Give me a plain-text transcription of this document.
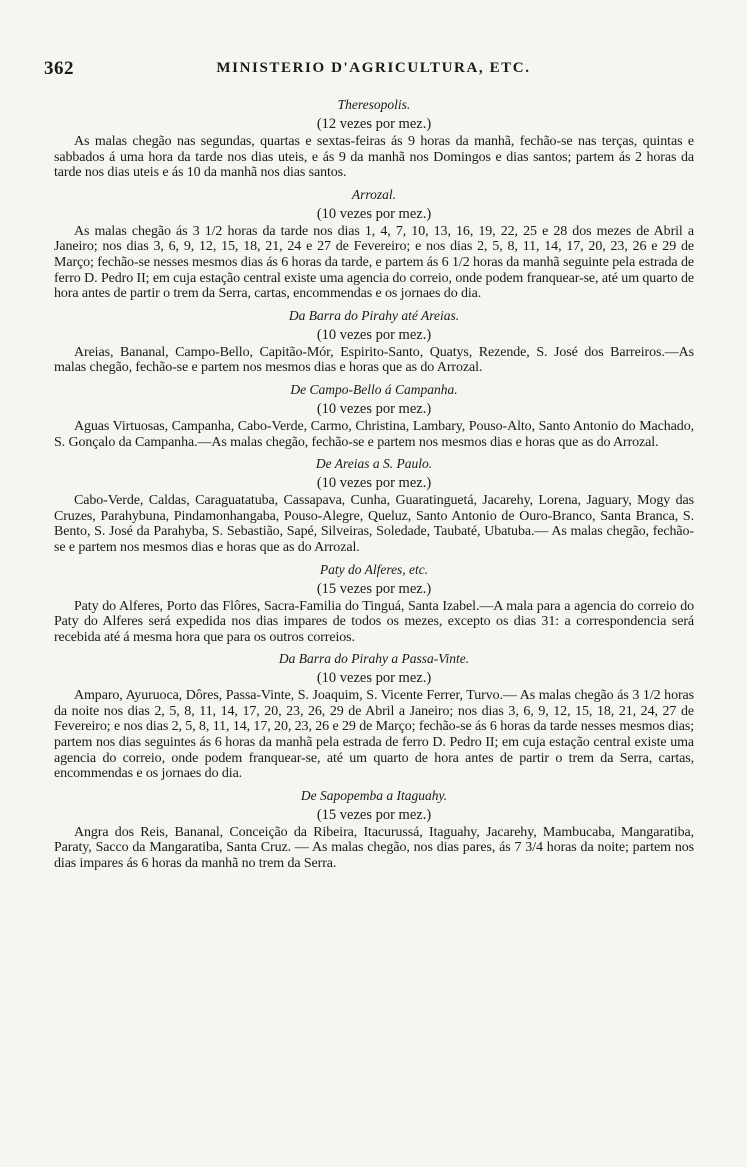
362	MINISTERIO D'AGRICULTURA, ETC.
Theresopolis.
(12 vezes por mez.)

As malas chegão nas segundas, quartas e sextas-feiras ás 9 horas da manhã, fechão-se nas terças, quintas e sabbados á uma hora da tarde nos dias uteis, e ás 9 da manhã nos Domingos e dias santos; partem ás 2 horas da tarde nos dias uteis e ás 10 da manhã nos dias santos.

Arrozal.
(10 vezes por mez.)

As malas chegão ás 3 1/2 horas da tarde nos dias 1, 4, 7, 10, 13, 16, 19, 22, 25 e 28 dos mezes de Abril a Janeiro; nos dias 3, 6, 9, 12, 15, 18, 21, 24 e 27 de Fevereiro; e nos dias 2, 5, 8, 11, 14, 17, 20, 23, 26 e 29 de Março; fechão-se nesses mesmos dias ás 6 horas da tarde, e partem ás 6 1/2 horas da manhã seguinte pela estrada de ferro D. Pedro II; em cuja estação central existe uma agencia do correio, onde podem franquear-se, até um quarto de hora antes de partir o trem da Serra, cartas, encommendas e os jornaes do dia.

Da Barra do Pirahy até Areias.
(10 vezes por mez.)

Areias, Bananal, Campo-Bello, Capitão-Mór, Espirito-Santo, Quatys, Rezende, S. José dos Barreiros.—As malas chegão, fechão-se e partem nos mesmos dias e horas que as do Arrozal.

De Campo-Bello á Campanha.
(10 vezes por mez.)

Aguas Virtuosas, Campanha, Cabo-Verde, Carmo, Christina, Lambary, Pouso-Alto, Santo Antonio do Machado, S. Gonçalo da Campanha.—As malas chegão, fechão-se e partem nos mesmos dias e horas que as do Arrozal.

De Areias a S. Paulo.
(10 vezes por mez.)

Cabo-Verde, Caldas, Caraguatatuba, Cassapava, Cunha, Guaratinguetá, Jacarehy, Lorena, Jaguary, Mogy das Cruzes, Parahybuna, Pindamonhangaba, Pouso-Alegre, Queluz, Santo Antonio de Ouro-Branco, Santa Branca, S. Bento, S. José da Parahyba, S. Sebastião, Sapé, Silveiras, Soledade, Taubaté, Ubatuba.— As malas chegão, fechão-se e partem nos mesmos dias e horas que as do Arrozal.

Paty do Alferes, etc.
(15 vezes por mez.)

Paty do Alferes, Porto das Flôres, Sacra-Familia do Tinguá, Santa Izabel.—A mala para a agencia do correio do Paty do Alferes será expedida nos dias impares de todos os mezes, excepto os dias 31: a correspondencia será recebida até á mesma hora que para os outros correios.

Da Barra do Pirahy a Passa-Vinte.
(10 vezes por mez.)

Amparo, Ayuruoca, Dôres, Passa-Vinte, S. Joaquim, S. Vicente Ferrer, Turvo.— As malas chegão ás 3 1/2 horas da noite nos dias 2, 5, 8, 11, 14, 17, 20, 23, 26, 29 de Abril a Janeiro; nos dias 3, 6, 9, 12, 15, 18, 21, 24, 27 de Fevereiro; e nos dias 2, 5, 8, 11, 14, 17, 20, 23, 26 e 29 de Março; fechão-se ás 6 horas da tarde nesses mesmos dias; partem nos dias seguintes ás 6 horas da manhã pela estrada de ferro D. Pedro II; em cuja estação central existe uma agencia do correio, onde podem franquear-se, até um quarto de hora antes de partir o trem da Serra, cartas, encommendas e os jornaes do dia.

De Sapopemba a Itaguahy.
(15 vezes por mez.)

Angra dos Reis, Bananal, Conceição da Ribeira, Itacurussá, Itaguahy, Jacarehy, Mambucaba, Mangaratiba, Paraty, Sacco da Mangaratiba, Santa Cruz. — As malas chegão, nos dias pares, ás 7 3/4 horas da noite; partem nos dias impares ás 6 horas da manhã no trem da Serra.
